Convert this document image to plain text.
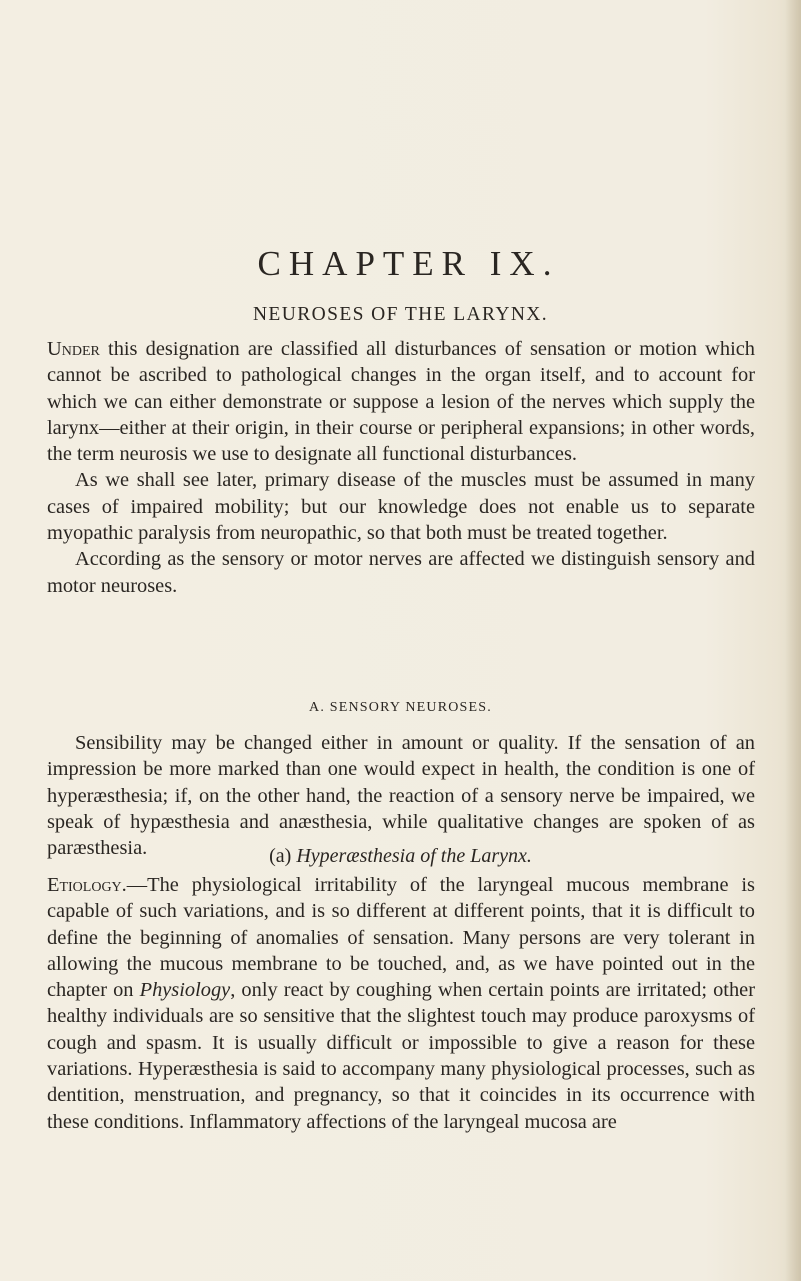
CHAPTER IX.
NEUROSES OF THE LARYNX.

Under this designation are classified all disturbances of sensation or motion which cannot be ascribed to pathological changes in the organ itself, and to account for which we can either demonstrate or suppose a lesion of the nerves which supply the larynx—either at their origin, in their course or peripheral expansions; in other words, the term neurosis we use to designate all functional disturbances.

As we shall see later, primary disease of the muscles must be assumed in many cases of impaired mobility; but our knowledge does not enable us to separate myopathic paralysis from neuropathic, so that both must be treated together.

According as the sensory or motor nerves are affected we distinguish sensory and motor neuroses.

A. SENSORY NEUROSES.

Sensibility may be changed either in amount or quality. If the sensation of an impression be more marked than one would expect in health, the condition is one of hyperæsthesia; if, on the other hand, the reaction of a sensory nerve be impaired, we speak of hypæsthesia and anæsthesia, while qualitative changes are spoken of as paræsthesia.	(a) Hyperæsthesia of the Larynx.

Etiology.—The physiological irritability of the laryngeal mucous membrane is capable of such variations, and is so different at different points, that it is difficult to define the beginning of anomalies of sensation. Many persons are very tolerant in allowing the mucous membrane to be touched, and, as we have pointed out in the chapter on Physiology, only react by coughing when certain points are irritated; other healthy individuals are so sensitive that the slightest touch may produce paroxysms of cough and spasm. It is usually difficult or impossible to give a reason for these variations. Hyperæsthesia is said to accompany many physiological processes, such as dentition, menstruation, and pregnancy, so that it coincides in its occurrence with these conditions. Inflammatory affections of the laryngeal mucosa are
